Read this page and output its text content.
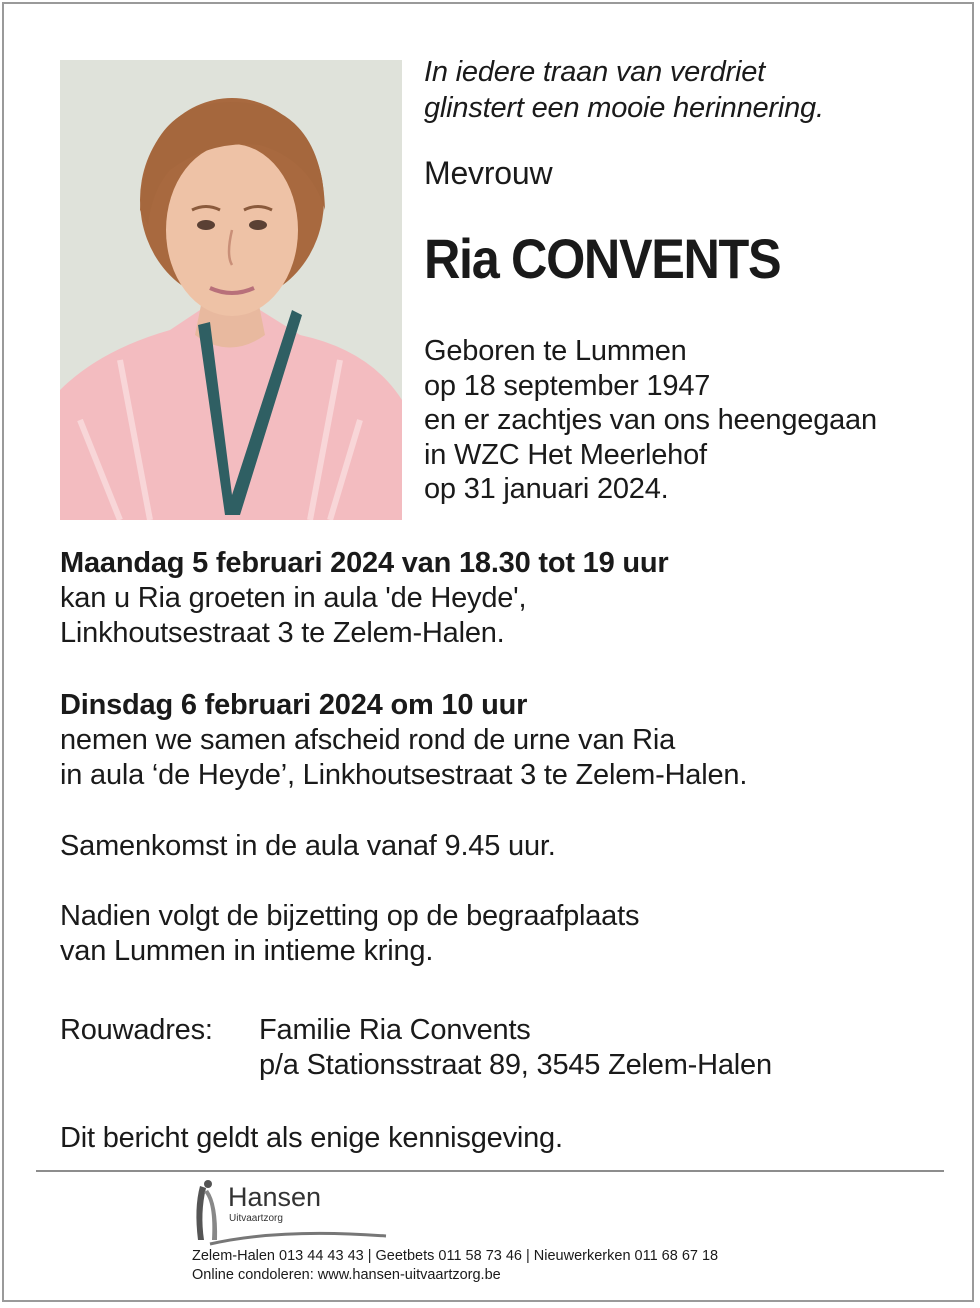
In iedere traan van verdriet
glinstert een mooie herinnering.
Mevrouw
Ria CONVENTS
Geboren te Lummen
op 18 september 1947
en er zachtjes van ons heengegaan
in WZC Het Meerlehof
op 31 januari 2024.
Maandag 5 februari 2024 van 18.30 tot 19 uur
kan u Ria groeten in aula 'de Heyde',
Linkhoutsestraat 3 te Zelem-Halen.
Dinsdag 6 februari 2024 om 10 uur
nemen we samen afscheid rond de urne van Ria
in aula ‘de Heyde’, Linkhoutsestraat 3 te Zelem-Halen.
Samenkomst in de aula vanaf 9.45 uur.
Nadien volgt de bijzetting op de begraafplaats
van Lummen in intieme kring.
Rouwadres: Familie Ria Convents
p/a Stationsstraat 89, 3545 Zelem-Halen
Dit bericht geldt als enige kennisgeving.
Hansen
Uitvaartzorg
Zelem-Halen 013 44 43 43 | Geetbets 011 58 73 46 | Nieuwerkerken 011 68 67 18
Online condoleren: www.hansen-uitvaartzorg.be
